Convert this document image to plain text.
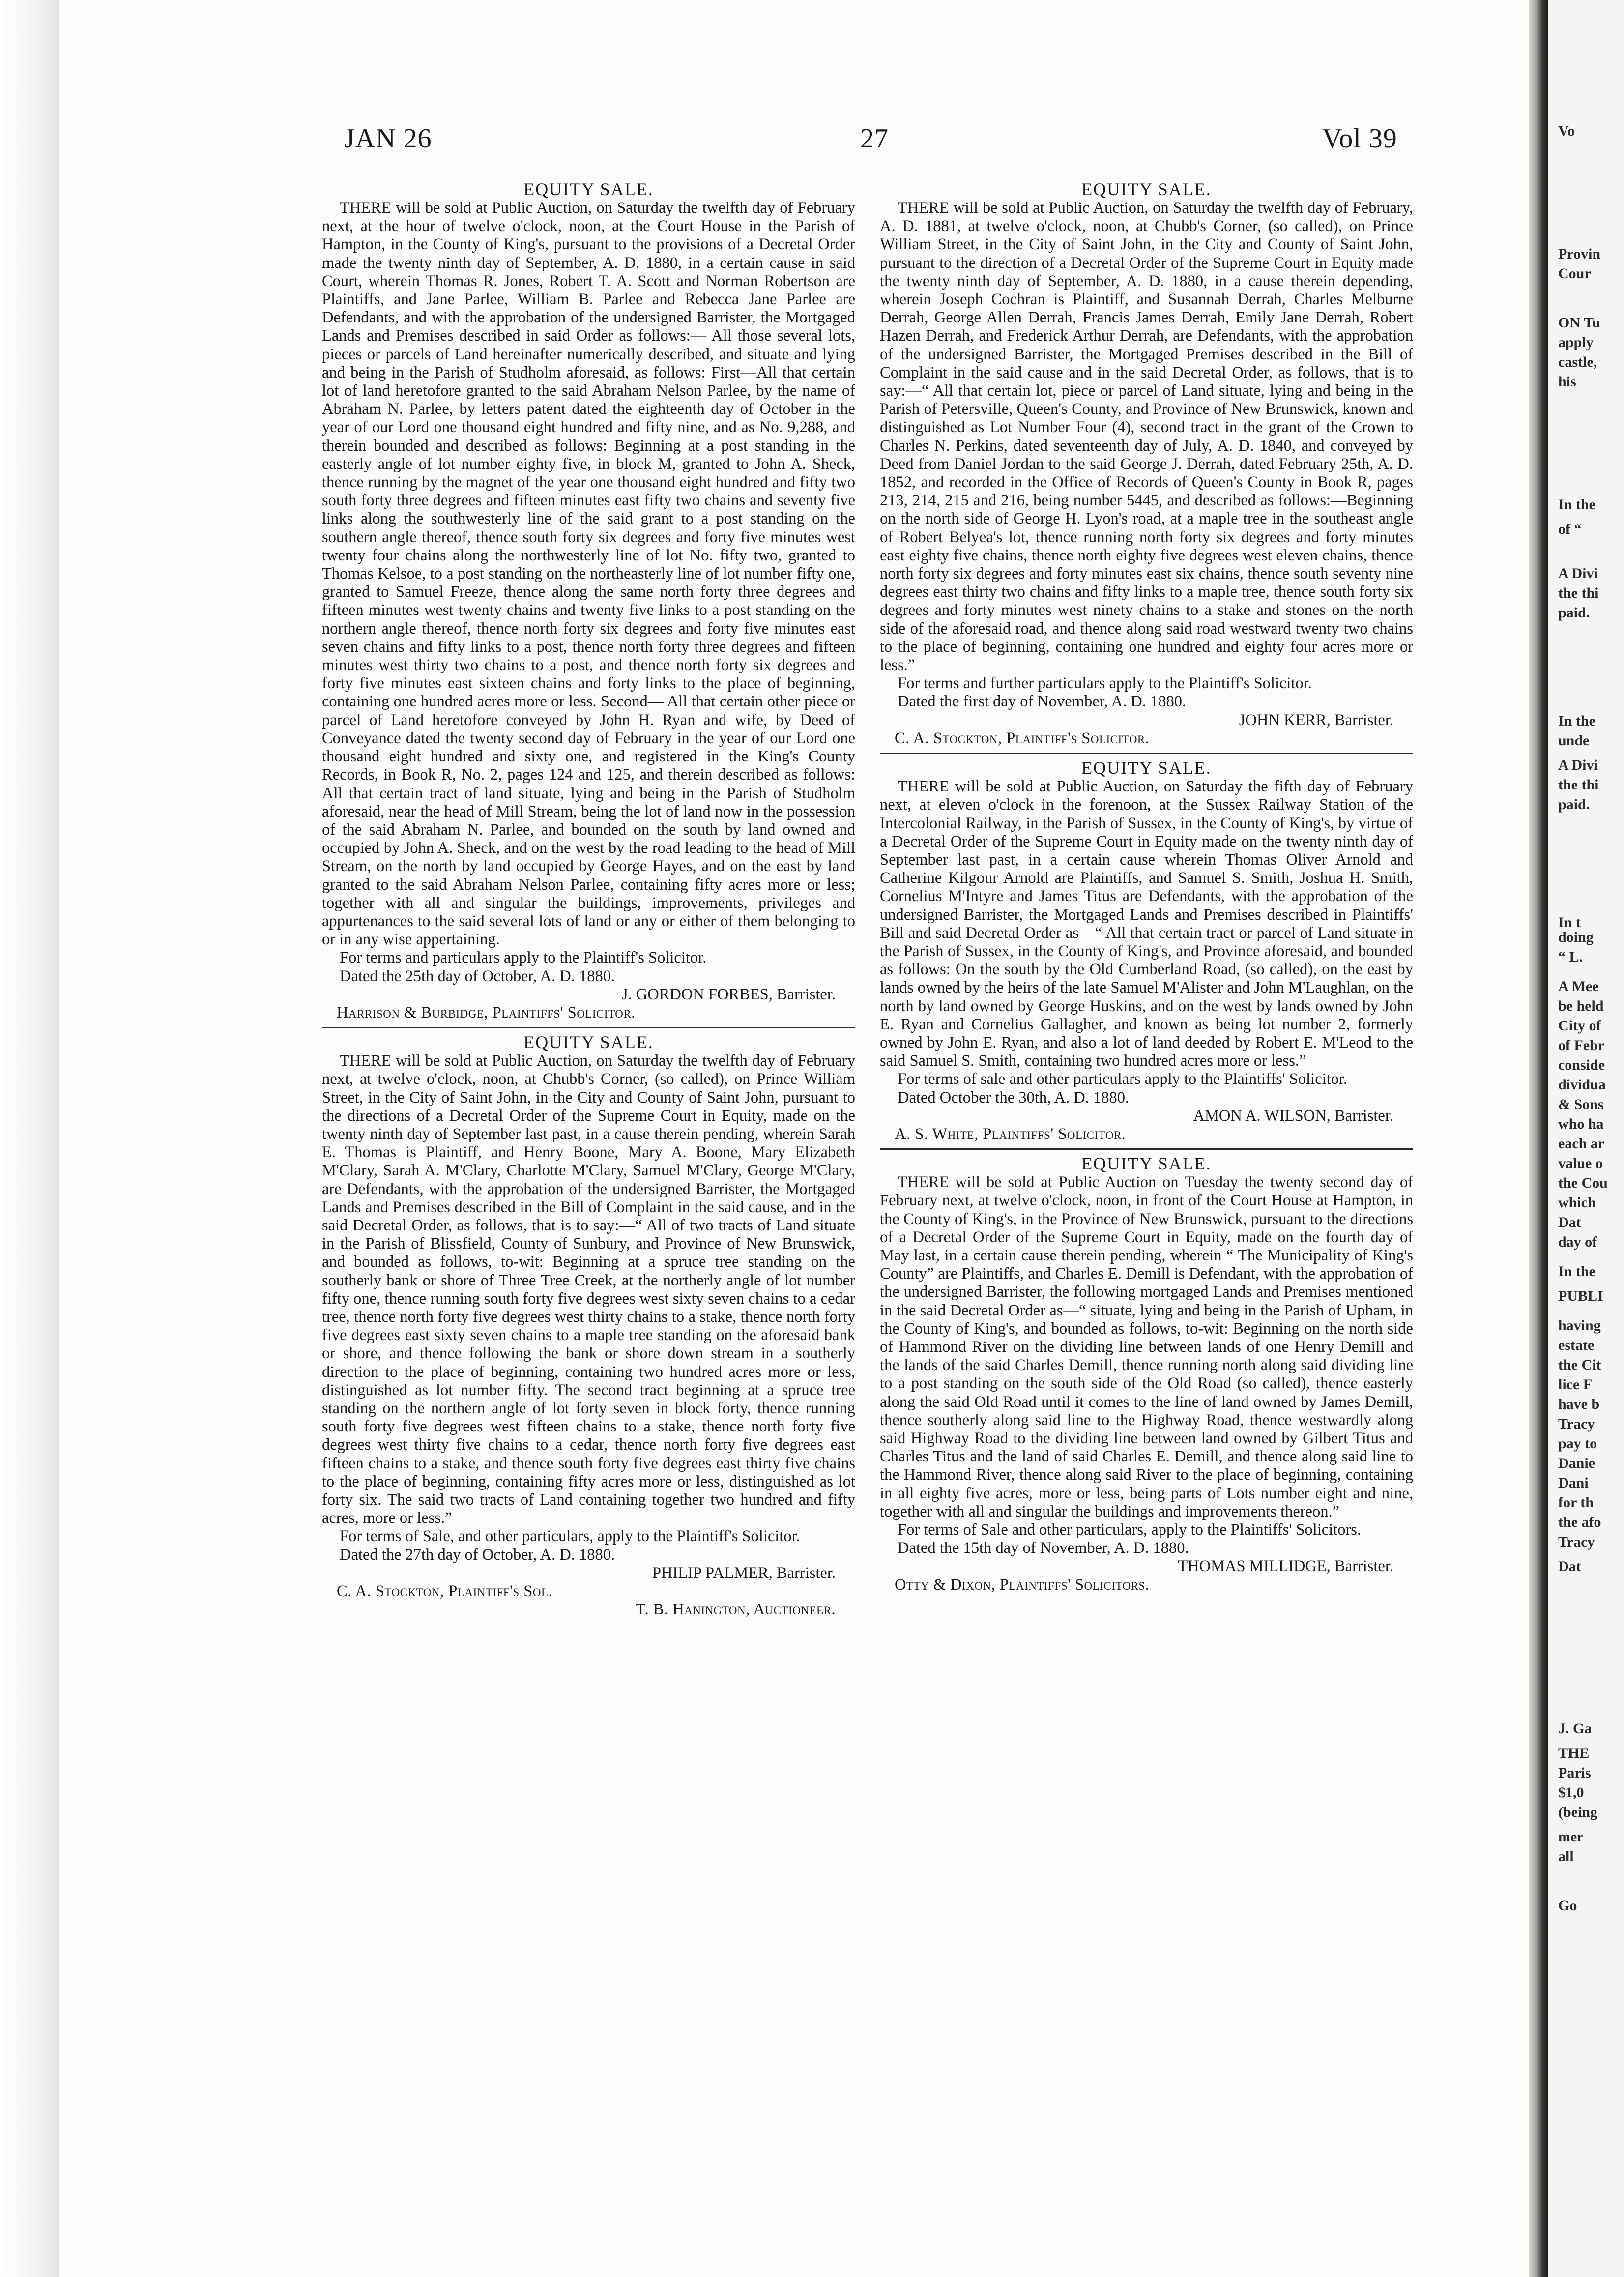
JAN 26	27	Vol 39
EQUITY SALE.

THERE will be sold at Public Auction, on Saturday the twelfth day of February next, at the hour of twelve o'clock, noon, at the Court House in the Parish of Hampton, in the County of King's, pursuant to the provisions of a Decretal Order made the twenty ninth day of September, A. D. 1880, in a certain cause in said Court, wherein Thomas R. Jones, Robert T. A. Scott and Norman Robertson are Plaintiffs, and Jane Parlee, William B. Parlee and Rebecca Jane Parlee are Defendants, and with the approbation of the undersigned Barrister, the Mortgaged Lands and Premises described in said Order as follows:— All those several lots, pieces or parcels of Land hereinafter numerically described, and situate and lying and being in the Parish of Studholm aforesaid, as follows: First—All that certain lot of land heretofore granted to the said Abraham Nelson Parlee, by the name of Abraham N. Parlee, by letters patent dated the eighteenth day of October in the year of our Lord one thousand eight hundred and fifty nine, and as No. 9,288, and therein bounded and described as follows: Beginning at a post standing in the easterly angle of lot number eighty five, in block M, granted to John A. Sheck, thence running by the magnet of the year one thousand eight hundred and fifty two south forty three degrees and fifteen minutes east fifty two chains and seventy five links along the southwesterly line of the said grant to a post standing on the southern angle thereof, thence south forty six degrees and forty five minutes west twenty four chains along the northwesterly line of lot No. fifty two, granted to Thomas Kelsoe, to a post standing on the northeasterly line of lot number fifty one, granted to Samuel Freeze, thence along the same north forty three degrees and fifteen minutes west twenty chains and twenty five links to a post standing on the northern angle thereof, thence north forty six degrees and forty five minutes east seven chains and fifty links to a post, thence north forty three degrees and fifteen minutes west thirty two chains to a post, and thence north forty six degrees and forty five minutes east sixteen chains and forty links to the place of beginning, containing one hundred acres more or less. Second— All that certain other piece or parcel of Land heretofore conveyed by John H. Ryan and wife, by Deed of Conveyance dated the twenty second day of February in the year of our Lord one thousand eight hundred and sixty one, and registered in the King's County Records, in Book R, No. 2, pages 124 and 125, and therein described as follows: All that certain tract of land situate, lying and being in the Parish of Studholm aforesaid, near the head of Mill Stream, being the lot of land now in the possession of the said Abraham N. Parlee, and bounded on the south by land owned and occupied by John A. Sheck, and on the west by the road leading to the head of Mill Stream, on the north by land occupied by George Hayes, and on the east by land granted to the said Abraham Nelson Parlee, containing fifty acres more or less; together with all and singular the buildings, improvements, privileges and appurtenances to the said several lots of land or any or either of them belonging to or in any wise appertaining.

For terms and particulars apply to the Plaintiff's Solicitor.

Dated the 25th day of October, A. D. 1880.

J. GORDON FORBES, Barrister.

Harrison & Burbidge, Plaintiffs' Solicitor.

EQUITY SALE.

THERE will be sold at Public Auction, on Saturday the twelfth day of February next, at twelve o'clock, noon, at Chubb's Corner, (so called), on Prince William Street, in the City of Saint John, in the City and County of Saint John, pursuant to the directions of a Decretal Order of the Supreme Court in Equity, made on the twenty ninth day of September last past, in a cause therein pending, wherein Sarah E. Thomas is Plaintiff, and Henry Boone, Mary A. Boone, Mary Elizabeth M'Clary, Sarah A. M'Clary, Charlotte M'Clary, Samuel M'Clary, George M'Clary, are Defendants, with the approbation of the undersigned Barrister, the Mortgaged Lands and Premises described in the Bill of Complaint in the said cause, and in the said Decretal Order, as follows, that is to say:—“ All of two tracts of Land situate in the Parish of Blissfield, County of Sunbury, and Province of New Brunswick, and bounded as follows, to-wit: Beginning at a spruce tree standing on the southerly bank or shore of Three Tree Creek, at the northerly angle of lot number fifty one, thence running south forty five degrees west sixty seven chains to a cedar tree, thence north forty five degrees west thirty chains to a stake, thence north forty five degrees east sixty seven chains to a maple tree standing on the aforesaid bank or shore, and thence following the bank or shore down stream in a southerly direction to the place of beginning, containing two hundred acres more or less, distinguished as lot number fifty. The second tract beginning at a spruce tree standing on the northern angle of lot forty seven in block forty, thence running south forty five degrees west fifteen chains to a stake, thence north forty five degrees west thirty five chains to a cedar, thence north forty five degrees east fifteen chains to a stake, and thence south forty five degrees east thirty five chains to the place of beginning, containing fifty acres more or less, distinguished as lot forty six. The said two tracts of Land containing together two hundred and fifty acres, more or less.”

For terms of Sale, and other particulars, apply to the Plaintiff's Solicitor.

Dated the 27th day of October, A. D. 1880.

PHILIP PALMER, Barrister.

C. A. Stockton, Plaintiff's Sol.

T. B. Hanington, Auctioneer.

EQUITY SALE.

THERE will be sold at Public Auction, on Saturday the twelfth day of February, A. D. 1881, at twelve o'clock, noon, at Chubb's Corner, (so called), on Prince William Street, in the City of Saint John, in the City and County of Saint John, pursuant to the direction of a Decretal Order of the Supreme Court in Equity made the twenty ninth day of September, A. D. 1880, in a cause therein depending, wherein Joseph Cochran is Plaintiff, and Susannah Derrah, Charles Melburne Derrah, George Allen Derrah, Francis James Derrah, Emily Jane Derrah, Robert Hazen Derrah, and Frederick Arthur Derrah, are Defendants, with the approbation of the undersigned Barrister, the Mortgaged Premises described in the Bill of Complaint in the said cause and in the said Decretal Order, as follows, that is to say:—“ All that certain lot, piece or parcel of Land situate, lying and being in the Parish of Petersville, Queen's County, and Province of New Brunswick, known and distinguished as Lot Number Four (4), second tract in the grant of the Crown to Charles N. Perkins, dated seventeenth day of July, A. D. 1840, and conveyed by Deed from Daniel Jordan to the said George J. Derrah, dated February 25th, A. D. 1852, and recorded in the Office of Records of Queen's County in Book R, pages 213, 214, 215 and 216, being number 5445, and described as follows:—Beginning on the north side of George H. Lyon's road, at a maple tree in the southeast angle of Robert Belyea's lot, thence running north forty six degrees and forty minutes east eighty five chains, thence north eighty five degrees west eleven chains, thence north forty six degrees and forty minutes east six chains, thence south seventy nine degrees east thirty two chains and fifty links to a maple tree, thence south forty six degrees and forty minutes west ninety chains to a stake and stones on the north side of the aforesaid road, and thence along said road westward twenty two chains to the place of beginning, containing one hundred and eighty four acres more or less.”

For terms and further particulars apply to the Plaintiff's Solicitor.

Dated the first day of November, A. D. 1880.

JOHN KERR, Barrister.

C. A. Stockton, Plaintiff's Solicitor.

EQUITY SALE.

THERE will be sold at Public Auction, on Saturday the fifth day of February next, at eleven o'clock in the forenoon, at the Sussex Railway Station of the Intercolonial Railway, in the Parish of Sussex, in the County of King's, by virtue of a Decretal Order of the Supreme Court in Equity made on the twenty ninth day of September last past, in a certain cause wherein Thomas Oliver Arnold and Catherine Kilgour Arnold are Plaintiffs, and Samuel S. Smith, Joshua H. Smith, Cornelius M'Intyre and James Titus are Defendants, with the approbation of the undersigned Barrister, the Mortgaged Lands and Premises described in Plaintiffs' Bill and said Decretal Order as—“ All that certain tract or parcel of Land situate in the Parish of Sussex, in the County of King's, and Province aforesaid, and bounded as follows: On the south by the Old Cumberland Road, (so called), on the east by lands owned by the heirs of the late Samuel M'Alister and John M'Laughlan, on the north by land owned by George Huskins, and on the west by lands owned by John E. Ryan and Cornelius Gallagher, and known as being lot number 2, formerly owned by John E. Ryan, and also a lot of land deeded by Robert E. M'Leod to the said Samuel S. Smith, containing two hundred acres more or less.”

For terms of sale and other particulars apply to the Plaintiffs' Solicitor.

Dated October the 30th, A. D. 1880.

AMON A. WILSON, Barrister.

A. S. White, Plaintiffs' Solicitor.

EQUITY SALE.

THERE will be sold at Public Auction on Tuesday the twenty second day of February next, at twelve o'clock, noon, in front of the Court House at Hampton, in the County of King's, in the Province of New Brunswick, pursuant to the directions of a Decretal Order of the Supreme Court in Equity, made on the fourth day of May last, in a certain cause therein pending, wherein “ The Municipality of King's County” are Plaintiffs, and Charles E. Demill is Defendant, with the approbation of the undersigned Barrister, the following mortgaged Lands and Premises mentioned in the said Decretal Order as—“ situate, lying and being in the Parish of Upham, in the County of King's, and bounded as follows, to-wit: Beginning on the north side of Hammond River on the dividing line between lands of one Henry Demill and the lands of the said Charles Demill, thence running north along said dividing line to a post standing on the south side of the Old Road (so called), thence easterly along the said Old Road until it comes to the line of land owned by James Demill, thence southerly along said line to the Highway Road, thence westwardly along said Highway Road to the dividing line between land owned by Gilbert Titus and Charles Titus and the land of said Charles E. Demill, and thence along said line to the Hammond River, thence along said River to the place of beginning, containing in all eighty five acres, more or less, being parts of Lots number eight and nine, together with all and singular the buildings and improvements thereon.”

For terms of Sale and other particulars, apply to the Plaintiffs' Solicitors.

Dated the 15th day of November, A. D. 1880.

THOMAS MILLIDGE, Barrister.

Otty & Dixon, Plaintiffs' Solicitors.

Vo
Provin
Cour
ON Tu
apply
castle,
his
In the
of “
A Divi
the thi
paid.
In the
unde
A Divi
the thi
paid.
In t
doing
“ L.
A Mee
be held
City of
of Febr
conside
dividua
& Sons
who ha
each ar
value o
the Cou
which
Dat
day of
In the
PUBLI
having
estate
the Cit
lice F
have b
Tracy
pay to
Danie
Dani
for th
the afo
Tracy
Dat
J. Ga
THE
Paris
$1,0
(being
mer
all
Go
